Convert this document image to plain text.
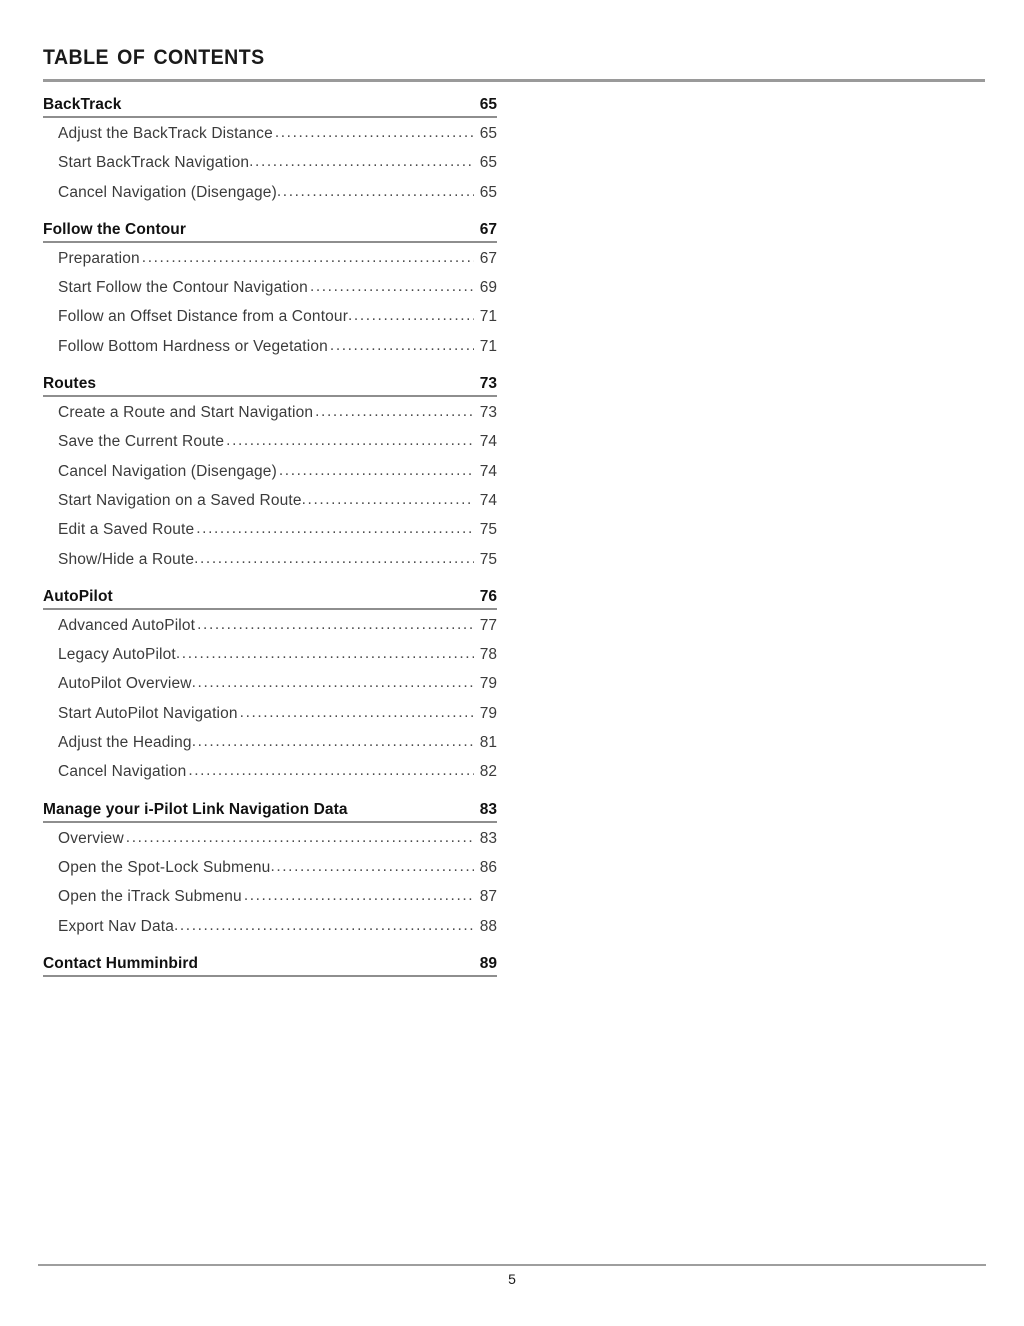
table of contents
BackTrack	65
Adjust the BackTrack Distance .....	65
Start BackTrack Navigation .....	65
Cancel Navigation (Disengage) .....	65
Follow the Contour	67
Preparation .....	67
Start Follow the Contour Navigation .....	69
Follow an Offset Distance from a Contour .....	71
Follow Bottom Hardness or Vegetation .....	71
Routes	73
Create a Route and Start Navigation .....	73
Save the Current Route .....	74
Cancel Navigation (Disengage) .....	74
Start Navigation on a Saved Route .....	74
Edit a Saved Route .....	75
Show/Hide a Route .....	75
AutoPilot	76
Advanced AutoPilot .....	77
Legacy AutoPilot .....	78
AutoPilot Overview .....	79
Start AutoPilot Navigation .....	79
Adjust the Heading .....	81
Cancel Navigation .....	82
Manage your i-Pilot Link Navigation Data	83
Overview .....	83
Open the Spot-Lock Submenu .....	86
Open the iTrack Submenu .....	87
Export Nav Data .....	88
Contact Humminbird	89
5
